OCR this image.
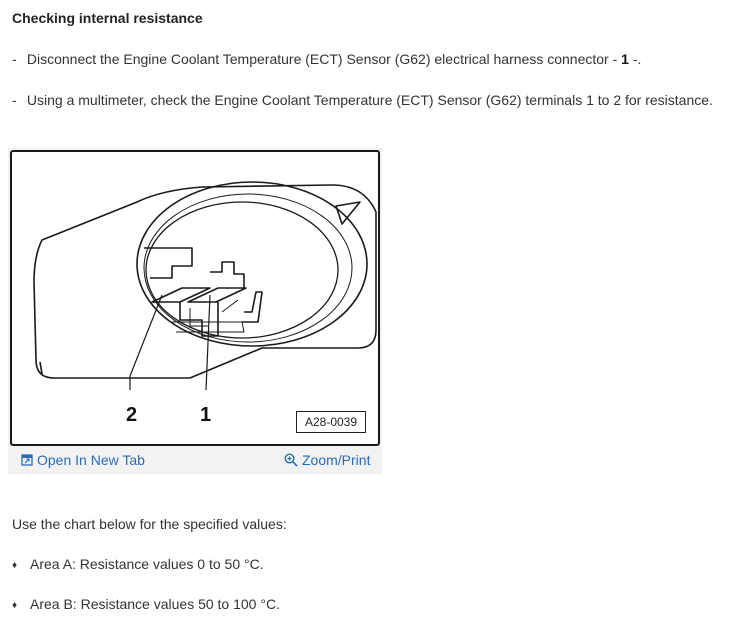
Checking internal resistance
- Disconnect the Engine Coolant Temperature (ECT) Sensor (G62) electrical harness connector - 1 -.
- Using a multimeter, check the Engine Coolant Temperature (ECT) Sensor (G62) terminals 1 to 2 for resistance.
2	1	A28-0039
Open In New Tab	Zoom/Print
Use the chart below for the specified values:
♦ Area A: Resistance values 0 to 50 °C.
♦ Area B: Resistance values 50 to 100 °C.
